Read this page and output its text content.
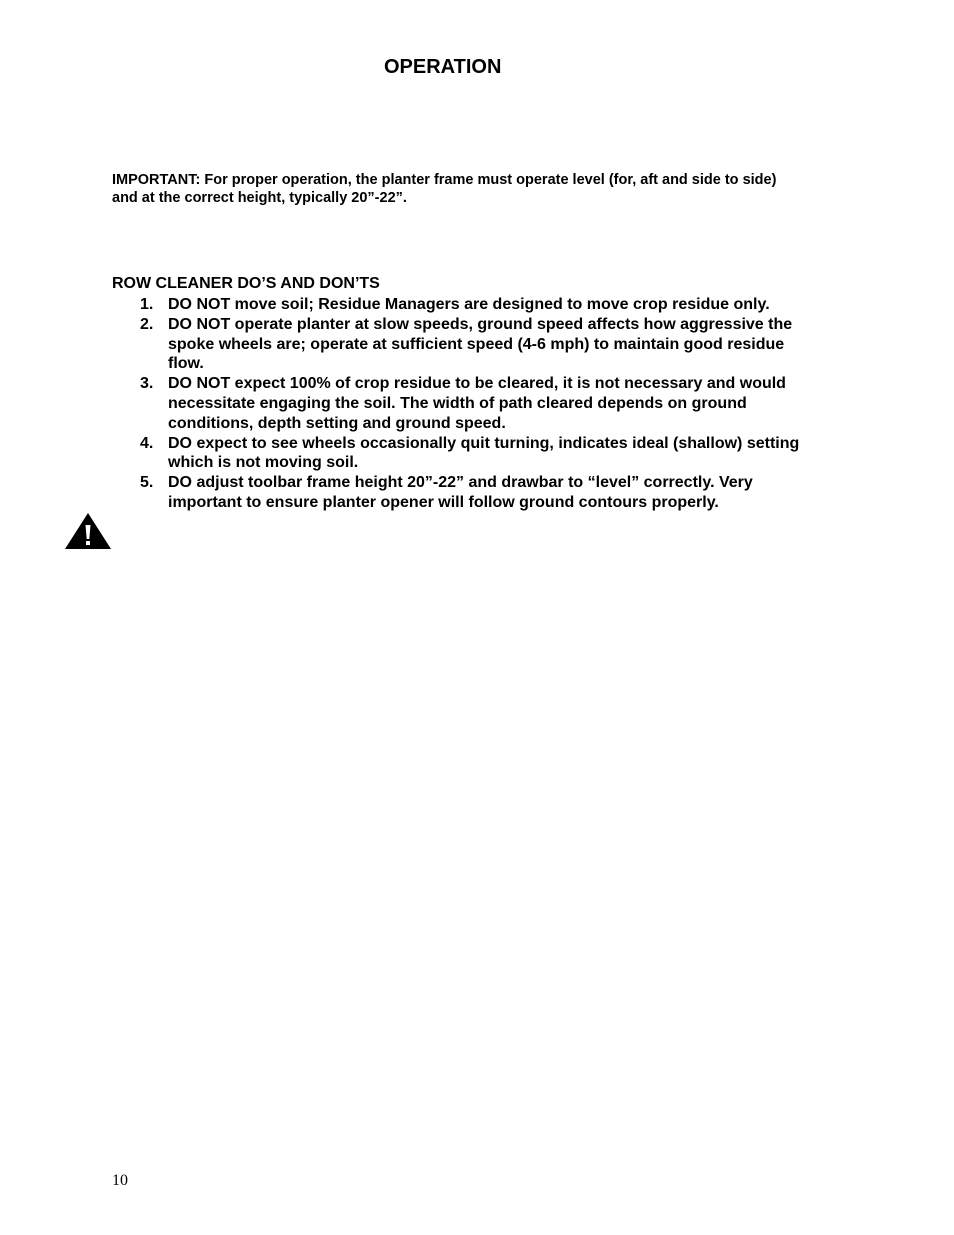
OPERATION

IMPORTANT: For proper operation, the planter frame must operate level (for, aft and side to side) and at the correct height, typically 20”-22”.

ROW CLEANER DO’S AND DON’TS
1. DO NOT move soil; Residue Managers are designed to move crop residue only.
2. DO NOT operate planter at slow speeds, ground speed affects how aggressive the spoke wheels are; operate at sufficient speed (4-6 mph) to maintain good residue flow.
3. DO NOT expect 100% of crop residue to be cleared, it is not necessary and would necessitate engaging the soil. The width of path cleared depends on ground conditions, depth setting and ground speed.
4. DO expect to see wheels occasionally quit turning, indicates ideal (shallow) setting which is not moving soil.
5. DO adjust toolbar frame height 20”-22” and drawbar to “level” correctly. Very important to ensure planter opener will follow ground contours properly.

10
